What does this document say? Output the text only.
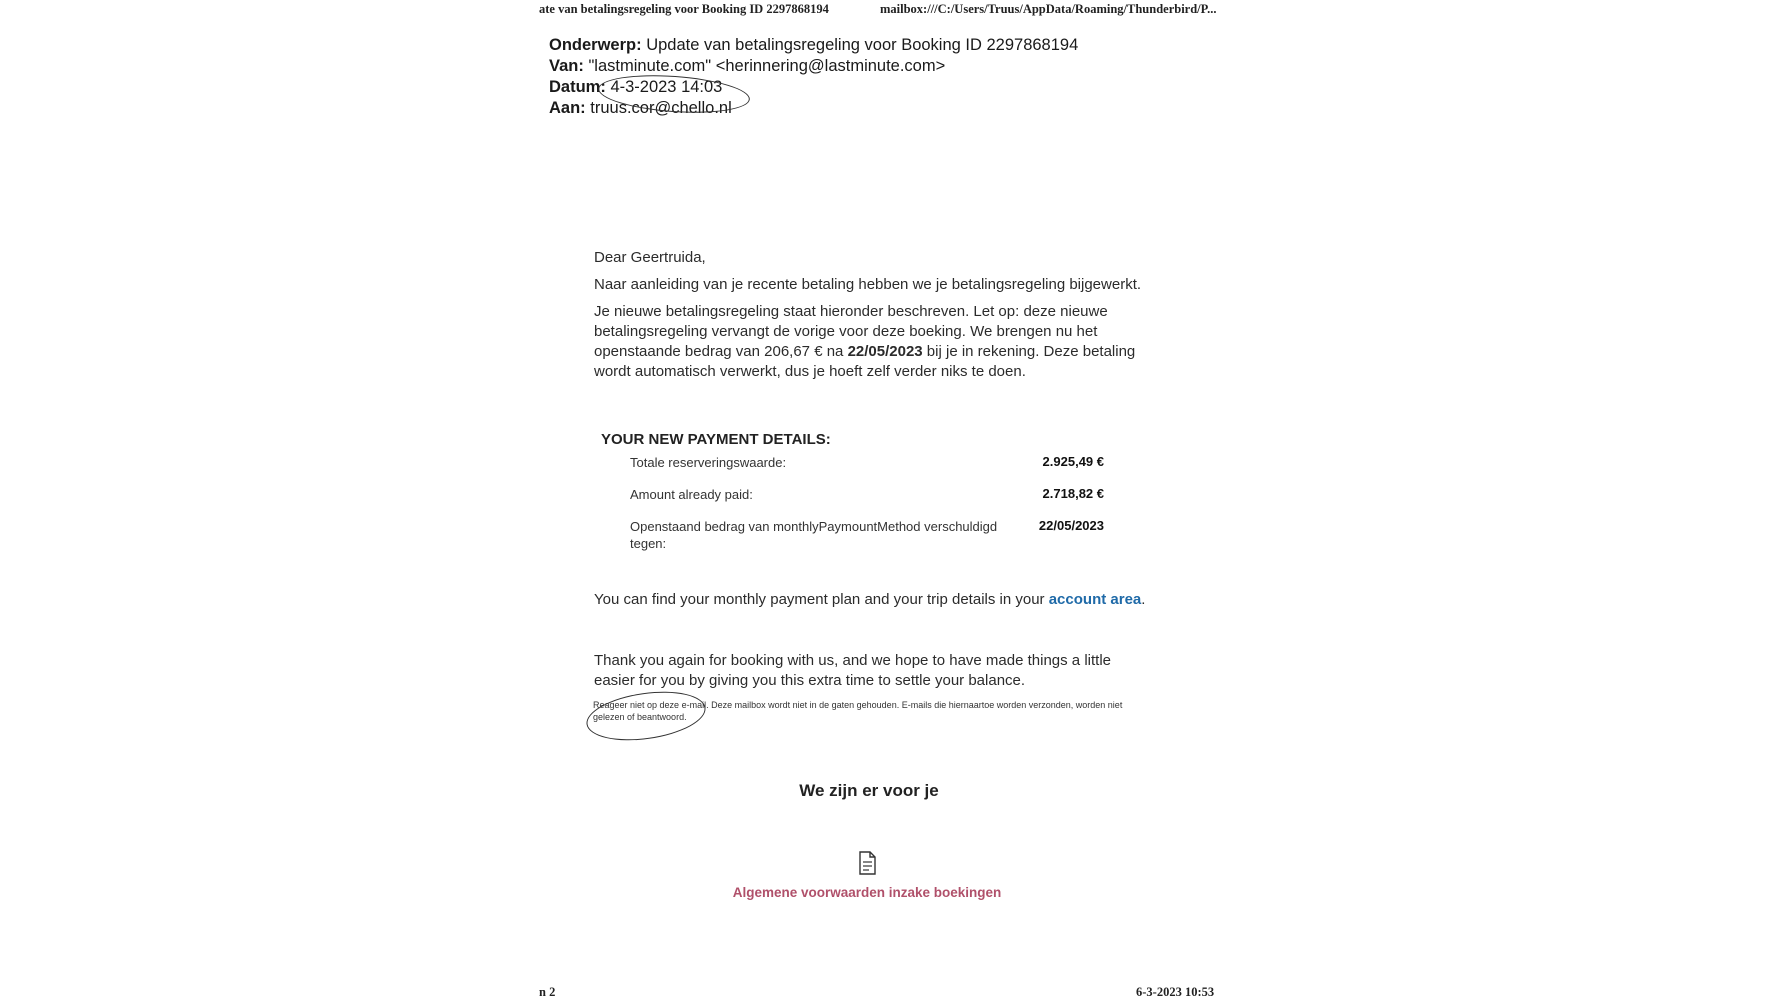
ate van betalingsregeling voor Booking ID 2297868194	mailbox:///C:/Users/Truus/AppData/Roaming/Thunderbird/P...
Onderwerp: Update van betalingsregeling voor Booking ID 2297868194
Van: "lastminute.com" <herinnering@lastminute.com>
Datum: 4-3-2023 14:03
Aan: truus.cor@chello.nl
Dear Geertruida,
Naar aanleiding van je recente betaling hebben we je betalingsregeling bijgewerkt.
Je nieuwe betalingsregeling staat hieronder beschreven. Let op: deze nieuwe betalingsregeling vervangt de vorige voor deze boeking. We brengen nu het openstaande bedrag van 206,67 € na 22/05/2023 bij je in rekening. Deze betaling wordt automatisch verwerkt, dus je hoeft zelf verder niks te doen.
YOUR NEW PAYMENT DETAILS:
Totale reserveringswaarde:	2.925,49 €
Amount already paid:	2.718,82 €
Openstaand bedrag van monthlyPaymountMethod verschuldigd tegen:
22/05/2023
You can find your monthly payment plan and your trip details in your account area.
Thank you again for booking with us, and we hope to have made things a little easier for you by giving you this extra time to settle your balance.
Reageer niet op deze e-mail. Deze mailbox wordt niet in de gaten gehouden. E-mails die hiernaartoe worden verzonden, worden niet gelezen of beantwoord.
We zijn er voor je
Algemene voorwaarden inzake boekingen
n 2	6-3-2023 10:53
